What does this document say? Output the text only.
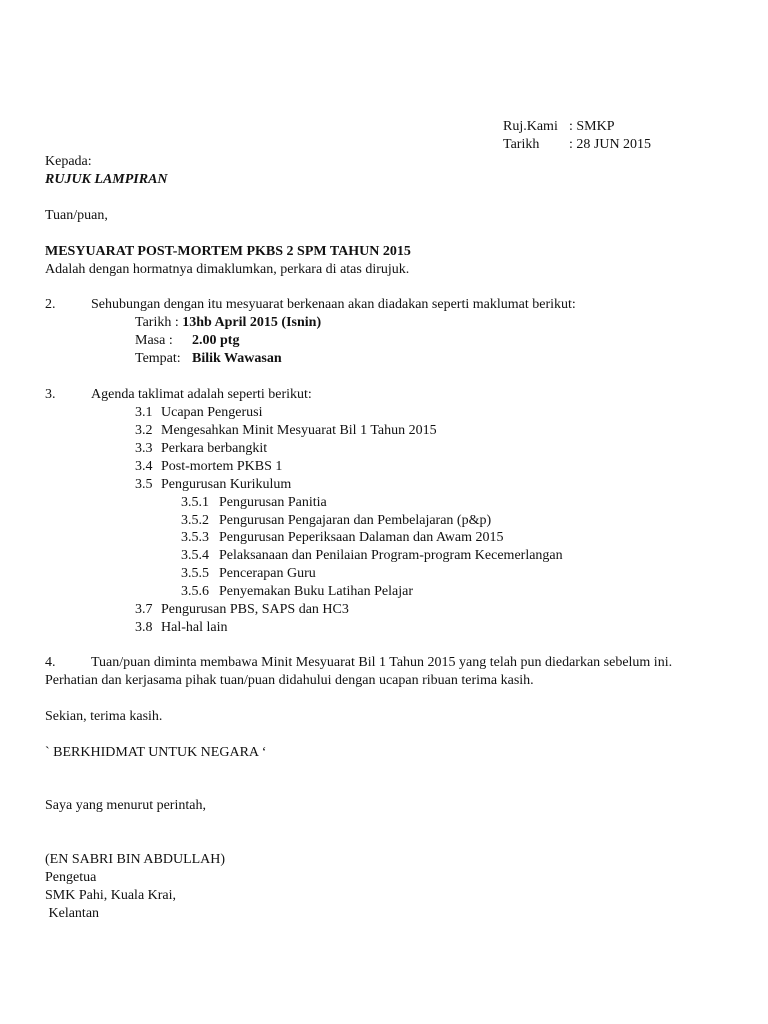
Ruj.Kami : SMKP
Tarikh : 28 JUN 2015
Kepada:
RUJUK LAMPIRAN
Tuan/puan,
MESYUARAT POST-MORTEM PKBS 2 SPM TAHUN 2015
Adalah dengan hormatnya dimaklumkan, perkara di atas dirujuk.
2.	Sehubungan dengan itu mesyuarat berkenaan akan diadakan seperti maklumat berikut:
Tarikh : 13hb April 2015 (Isnin)
Masa : 2.00 ptg
Tempat: Bilik Wawasan
3.	Agenda taklimat adalah seperti berikut:
3.1 Ucapan Pengerusi
3.2 Mengesahkan Minit Mesyuarat Bil 1 Tahun 2015
3.3 Perkara berbangkit
3.4 Post-mortem PKBS 1
3.5 Pengurusan Kurikulum
3.5.1 Pengurusan Panitia
3.5.2 Pengurusan Pengajaran dan Pembelajaran (p&p)
3.5.3 Pengurusan Peperiksaan Dalaman dan Awam 2015
3.5.4 Pelaksanaan dan Penilaian Program-program Kecemerlangan
3.5.5 Pencerapan Guru
3.5.6 Penyemakan Buku Latihan Pelajar
3.7 Pengurusan PBS, SAPS dan HC3
3.8 Hal-hal lain
4.	Tuan/puan diminta membawa Minit Mesyuarat Bil 1 Tahun 2015 yang telah pun diedarkan sebelum ini.
Perhatian dan kerjasama pihak tuan/puan didahului dengan ucapan ribuan terima kasih.
Sekian, terima kasih.
` BERKHIDMAT UNTUK NEGARA ‘
Saya yang menurut perintah,
(EN SABRI BIN ABDULLAH)
Pengetua
SMK Pahi, Kuala Krai,
Kelantan
